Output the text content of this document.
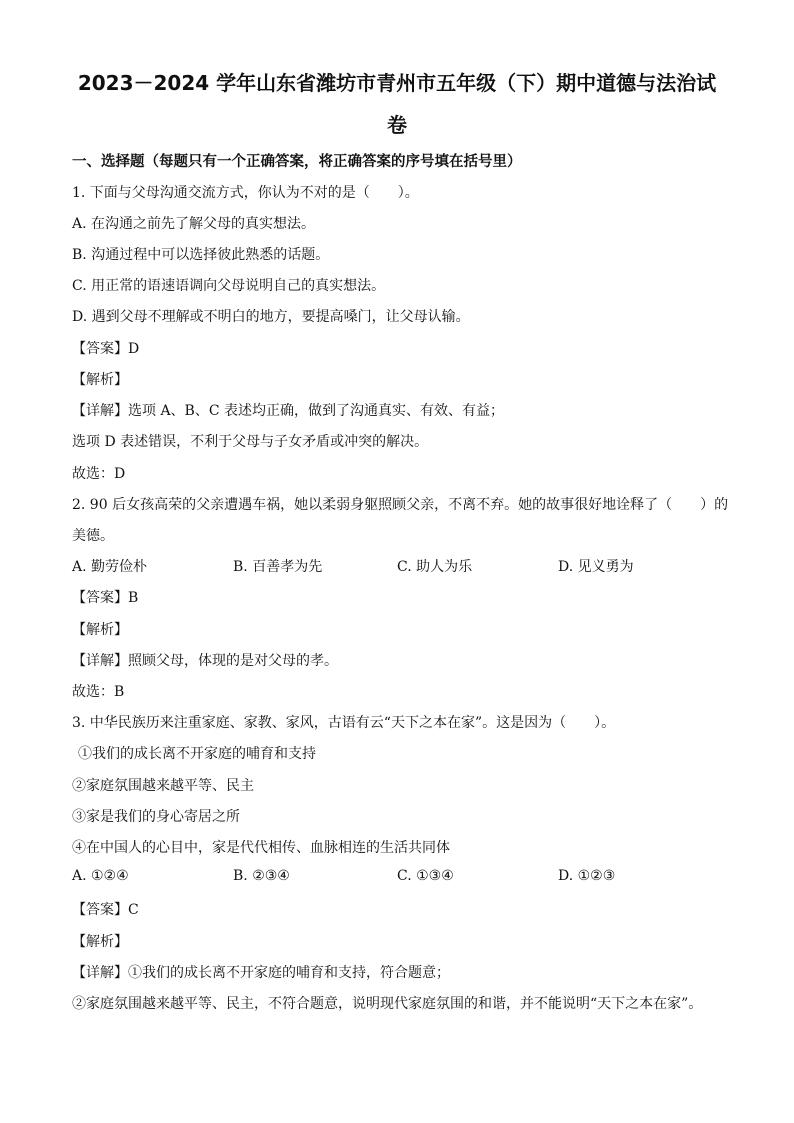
2023－2024 学年山东省潍坊市青州市五年级（下）期中道德与法治试
卷
一、选择题（每题只有一个正确答案，将正确答案的序号填在括号里）
1. 下面与父母沟通交流方式，你认为不对的是（　　）。
A. 在沟通之前先了解父母的真实想法。
B. 沟通过程中可以选择彼此熟悉的话题。
C. 用正常的语速语调向父母说明自己的真实想法。
D. 遇到父母不理解或不明白的地方，要提高嗓门，让父母认输。
【答案】D
【解析】
【详解】选项 A、B、C 表述均正确，做到了沟通真实、有效、有益；
选项 D 表述错误，不利于父母与子女矛盾或冲突的解决。
故选：D
2. 90 后女孩高荣的父亲遭遇车祸，她以柔弱身躯照顾父亲，不离不弃。她的故事很好地诠释了（　　）的
美德。
A. 勤劳俭朴	B. 百善孝为先	C. 助人为乐	D. 见义勇为
【答案】B
【解析】
【详解】照顾父母，体现的是对父母的孝。
故选：B
3. 中华民族历来注重家庭、家教、家风，古语有云“天下之本在家”。这是因为（　　）。
①我们的成长离不开家庭的哺育和支持
②家庭氛围越来越平等、民主
③家是我们的身心寄居之所
④在中国人的心目中，家是代代相传、血脉相连的生活共同体
A. ①②④	B. ②③④	C. ①③④	D. ①②③
【答案】C
【解析】
【详解】①我们的成长离不开家庭的哺育和支持，符合题意；
②家庭氛围越来越平等、民主，不符合题意，说明现代家庭氛围的和谐，并不能说明“天下之本在家”。
